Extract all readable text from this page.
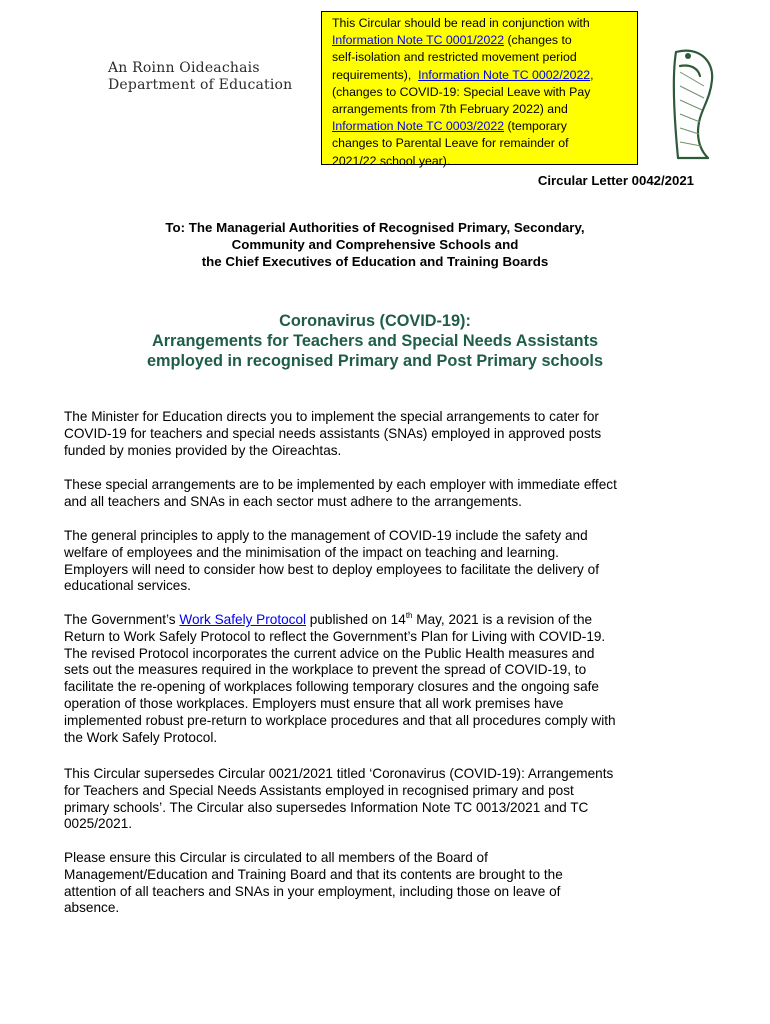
An Roinn Oideachais
Department of Education
This Circular should be read in conjunction with
Information Note TC 0001/2022 (changes to
self-isolation and restricted movement period
requirements),  Information Note TC 0002/2022,
(changes to COVID-19: Special Leave with Pay
arrangements from 7th February 2022) and
Information Note TC 0003/2022 (temporary
changes to Parental Leave for remainder of
2021/22 school year).
Circular Letter 0042/2021
To: The Managerial Authorities of Recognised Primary, Secondary,
Community and Comprehensive Schools and
the Chief Executives of Education and Training Boards
Coronavirus (COVID-19):
Arrangements for Teachers and Special Needs Assistants
employed in recognised Primary and Post Primary schools
The Minister for Education directs you to implement the special arrangements to cater for
COVID-19 for teachers and special needs assistants (SNAs) employed in approved posts
funded by monies provided by the Oireachtas.
These special arrangements are to be implemented by each employer with immediate effect
and all teachers and SNAs in each sector must adhere to the arrangements.
The general principles to apply to the management of COVID-19 include the safety and
welfare of employees and the minimisation of the impact on teaching and learning.
Employers will need to consider how best to deploy employees to facilitate the delivery of
educational services.
The Government’s Work Safely Protocol published on 14th May, 2021 is a revision of the
Return to Work Safely Protocol to reflect the Government’s Plan for Living with COVID-19.
The revised Protocol incorporates the current advice on the Public Health measures and
sets out the measures required in the workplace to prevent the spread of COVID-19, to
facilitate the re-opening of workplaces following temporary closures and the ongoing safe
operation of those workplaces. Employers must ensure that all work premises have
implemented robust pre-return to workplace procedures and that all procedures comply with
the Work Safely Protocol.
This Circular supersedes Circular 0021/2021 titled ‘Coronavirus (COVID-19): Arrangements
for Teachers and Special Needs Assistants employed in recognised primary and post
primary schools’. The Circular also supersedes Information Note TC 0013/2021 and TC
0025/2021.
Please ensure this Circular is circulated to all members of the Board of
Management/Education and Training Board and that its contents are brought to the
attention of all teachers and SNAs in your employment, including those on leave of
absence.
